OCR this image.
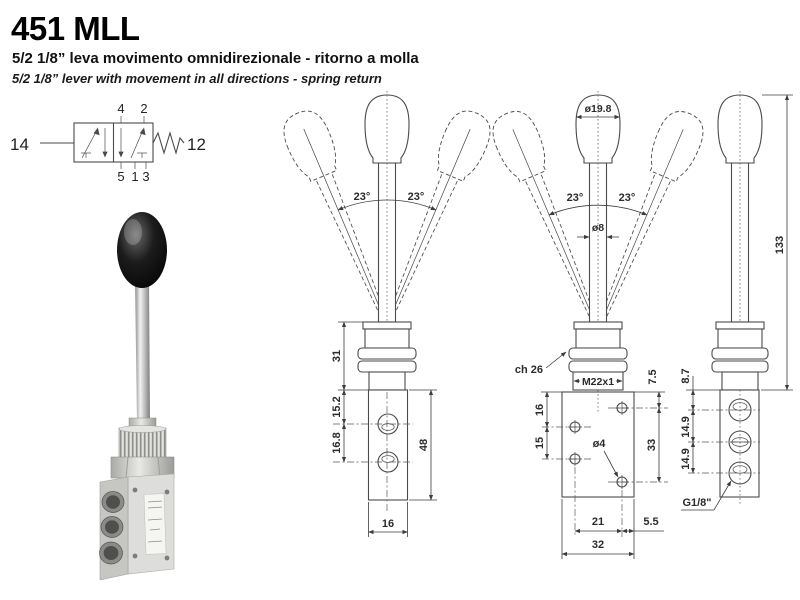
451 MLL
5/2 1/8” leva movimento omnidirezionale - ritorno a molla
5/2 1/8” lever with movement in all directions - spring return
4 2
5 1 3
14	12
23°	23°
31
15.2
16.8	48
16
ø19.8
23°	23°
ø8
ch 26
M22x1
ø4
16
15
7.5
33
21	5.5
32
8.7
14.9
14.9
G1/8"
133
